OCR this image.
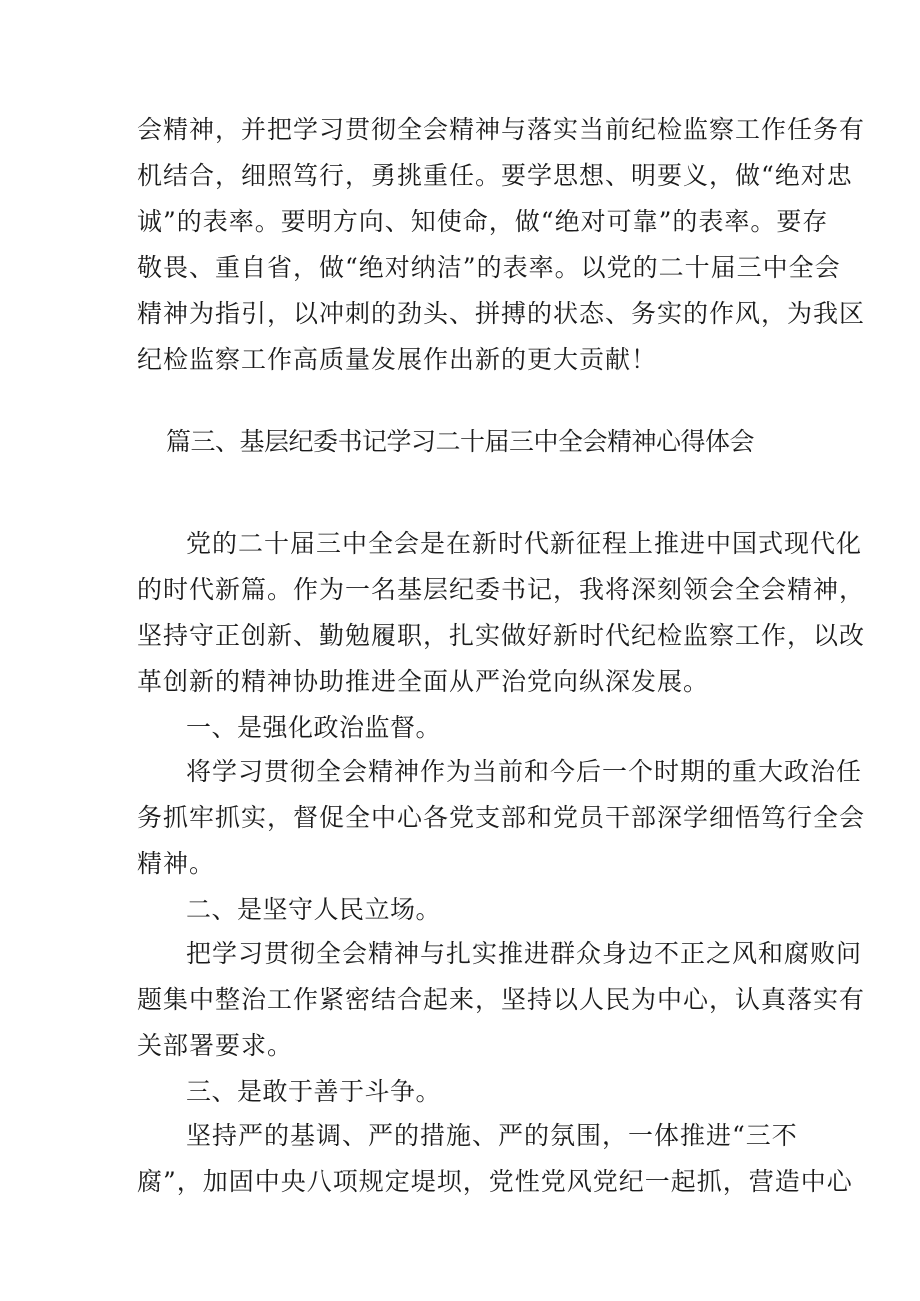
会精神，并把学习贯彻全会精神与落实当前纪检监察工作任务有
机结合，细照笃行，勇挑重任。要学思想、明要义，做“绝对忠
诚”的表率。要明方向、知使命，做“绝对可靠”的表率。要存
敬畏、重自省，做“绝对纳洁”的表率。以党的二十届三中全会
精神为指引，以冲刺的劲头、拼搏的状态、务实的作风，为我区
纪检监察工作高质量发展作出新的更大贡献！
篇三、基层纪委书记学习二十届三中全会精神心得体会
党的二十届三中全会是在新时代新征程上推进中国式现代化
的时代新篇。作为一名基层纪委书记，我将深刻领会全会精神，
坚持守正创新、勤勉履职，扎实做好新时代纪检监察工作，以改
革创新的精神协助推进全面从严治党向纵深发展。
一、是强化政治监督。
将学习贯彻全会精神作为当前和今后一个时期的重大政治任
务抓牢抓实，督促全中心各党支部和党员干部深学细悟笃行全会
精神。
二、是坚守人民立场。
把学习贯彻全会精神与扎实推进群众身边不正之风和腐败问
题集中整治工作紧密结合起来，坚持以人民为中心，认真落实有
关部署要求。
三、是敢于善于斗争。
坚持严的基调、严的措施、严的氛围，一体推进“三不
腐”，加固中央八项规定堤坝，党性党风党纪一起抓，营造中心
